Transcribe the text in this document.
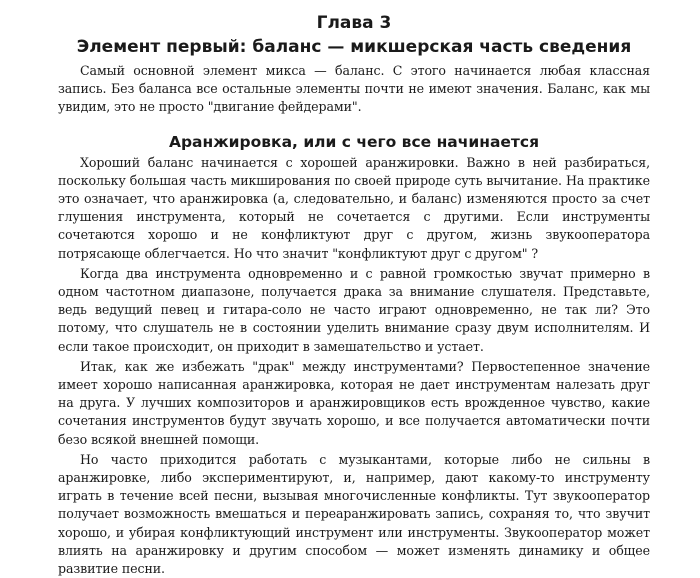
Глава 3
Элемент первый: баланс — микшерская часть сведения

Самый основной элемент микса — баланс. С этого начинается любая классная запись. Без баланса все остальные элементы почти не имеют значения. Баланс, как мы увидим, это не просто "двигание фейдерами".

Аранжировка, или с чего все начинается

Хороший баланс начинается с хорошей аранжировки. Важно в ней разбираться, поскольку большая часть микширования по своей природе суть вычитание. На практике это означает, что аранжировка (а, следовательно, и баланс) изменяются просто за счет глушения инструмента, который не сочетается с другими. Если инструменты сочетаются хорошо и не конфликтуют друг с другом, жизнь звукооператора потрясающе облегчается. Но что значит "конфликтуют друг с другом" ?

Когда два инструмента одновременно и с равной громкостью звучат примерно в одном частотном диапазоне, получается драка за внимание слушателя. Представьте, ведь ведущий певец и гитара-соло не часто играют одновременно, не так ли? Это потому, что слушатель не в состоянии уделить внимание сразу двум исполнителям. И если такое происходит, он приходит в замешательство и устает.

Итак, как же избежать "драк" между инструментами? Первостепенное значение имеет хорошо написанная аранжировка, которая не дает инструментам налезать друг на друга. У лучших композиторов и аранжировщиков есть врожденное чувство, какие сочетания инструментов будут звучать хорошо, и все получается автоматически почти безо всякой внешней помощи.

Но часто приходится работать с музыкантами, которые либо не сильны в аранжировке, либо экспериментируют, и, например, дают какому-то инструменту играть в течение всей песни, вызывая многочисленные конфликты. Тут звукооператор получает возможность вмешаться и переаранжировать запись, сохраняя то, что звучит хорошо, и убирая конфликтующий инструмент или инструменты. Звукооператор может влиять на аранжировку и другим способом — может изменять динамику и общее развитие песни.
